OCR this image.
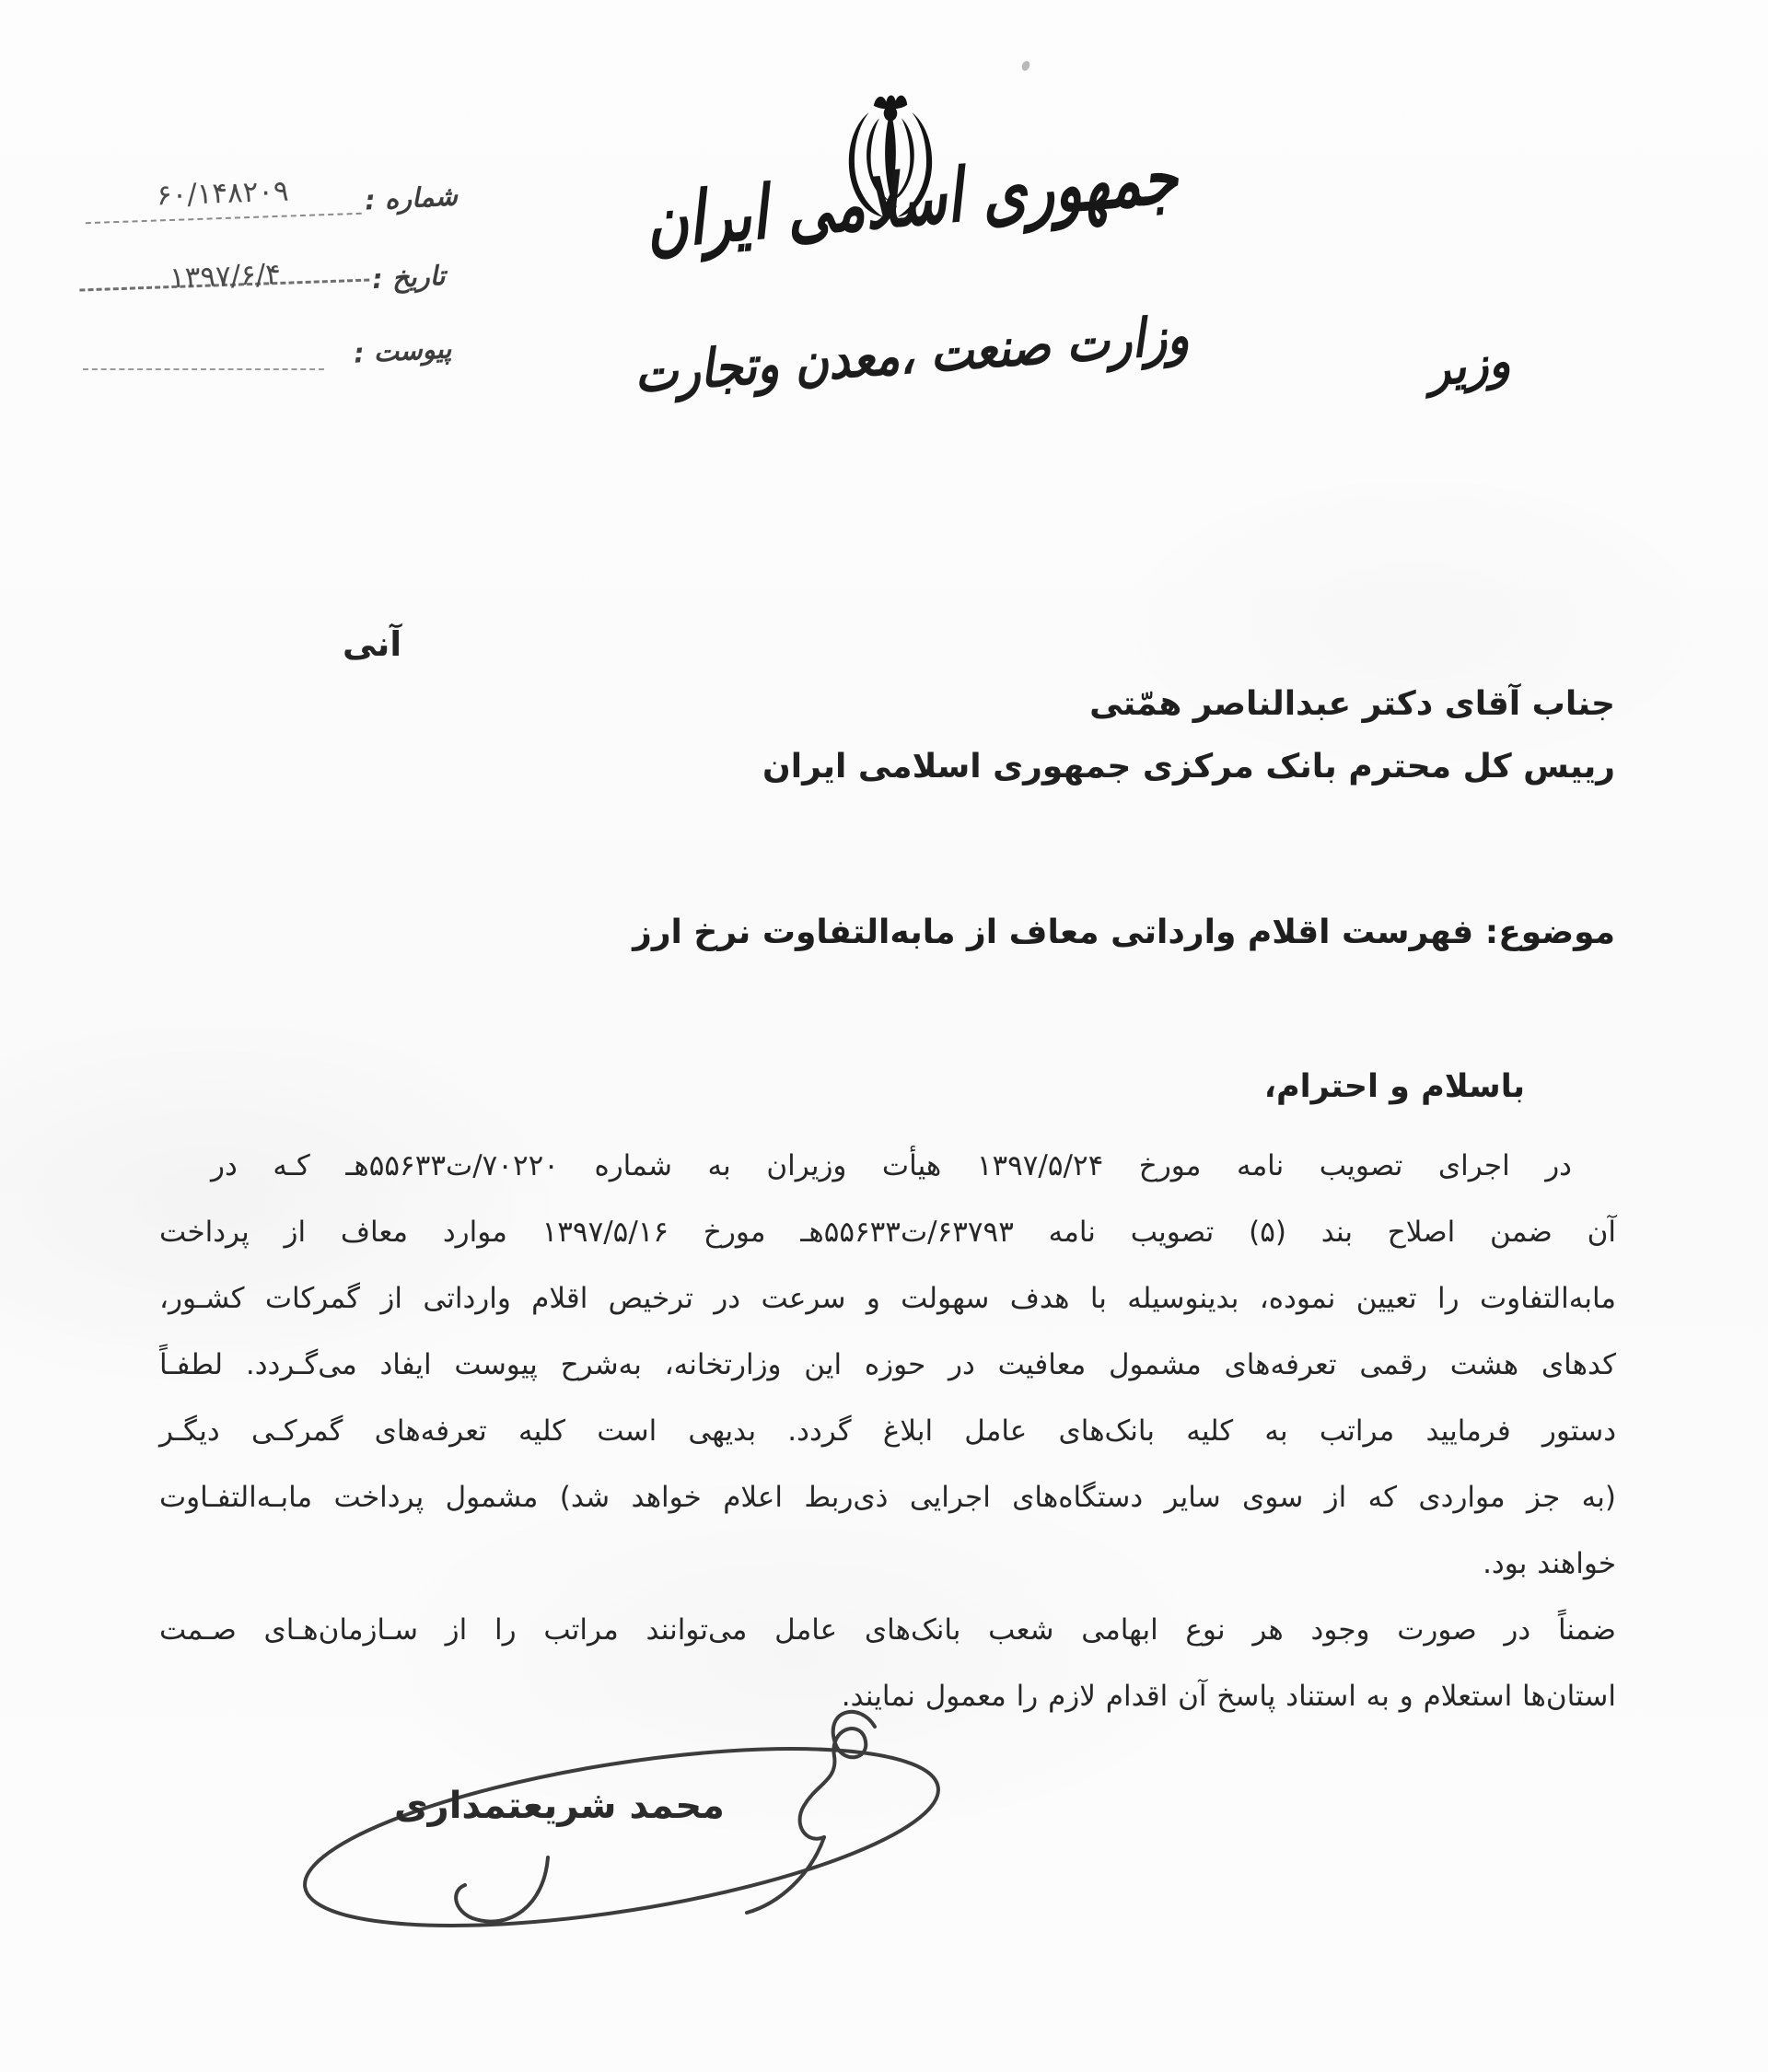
جمهوری اسلامی ایران
وزارت صنعت ،معدن وتجارت	وزیر
شماره :
۶۰/۱۴۸۲۰۹
تاریخ :
۱۳۹۷/۶/۴
پیوست :
آنی
جناب آقای دکتر عبدالناصر همّتی
رییس کل محترم بانک مرکزی جمهوری اسلامی ایران
موضوع: فهرست اقلام وارداتی معاف از مابه‌التفاوت نرخ ارز
باسلام و احترام،
در اجرای تصویب نامه مورخ ۱۳۹۷/۵/۲۴ هیأت وزیران به شماره ۷۰۲۲۰/ت۵۵۶۳۳هـ کـه در
آن ضمن اصلاح بند (۵) تصویب نامه ۶۳۷۹۳/ت۵۵۶۳۳هـ مورخ ۱۳۹۷/۵/۱۶ موارد معاف از پرداخت
مابه‌التفاوت را تعیین نموده، بدینوسیله با هدف سهولت و سرعت در ترخیص اقلام وارداتی از گمرکات کشـور،
کدهای هشت رقمی تعرفه‌های مشمول معافیت در حوزه این وزارتخانه، به‌شرح پیوست ایفاد می‌گـردد. لطفـاً
دستور فرمایید مراتب به کلیه بانک‌های عامل ابلاغ گردد. بدیهی است کلیه تعرفه‌های گمرکـی دیگـر
(به جز مواردی که از سوی سایر دستگاه‌های اجرایی ذی‌ربط اعلام خواهد شد) مشمول پرداخت مابـه‌التفـاوت
خواهند بود.
ضمناً در صورت وجود هر نوع ابهامی شعب بانک‌های عامل می‌توانند مراتب را از سـازمان‌هـای صـمت
استان‌ها استعلام و به استناد پاسخ آن اقدام لازم را معمول نمایند.
محمد شریعتمداری
